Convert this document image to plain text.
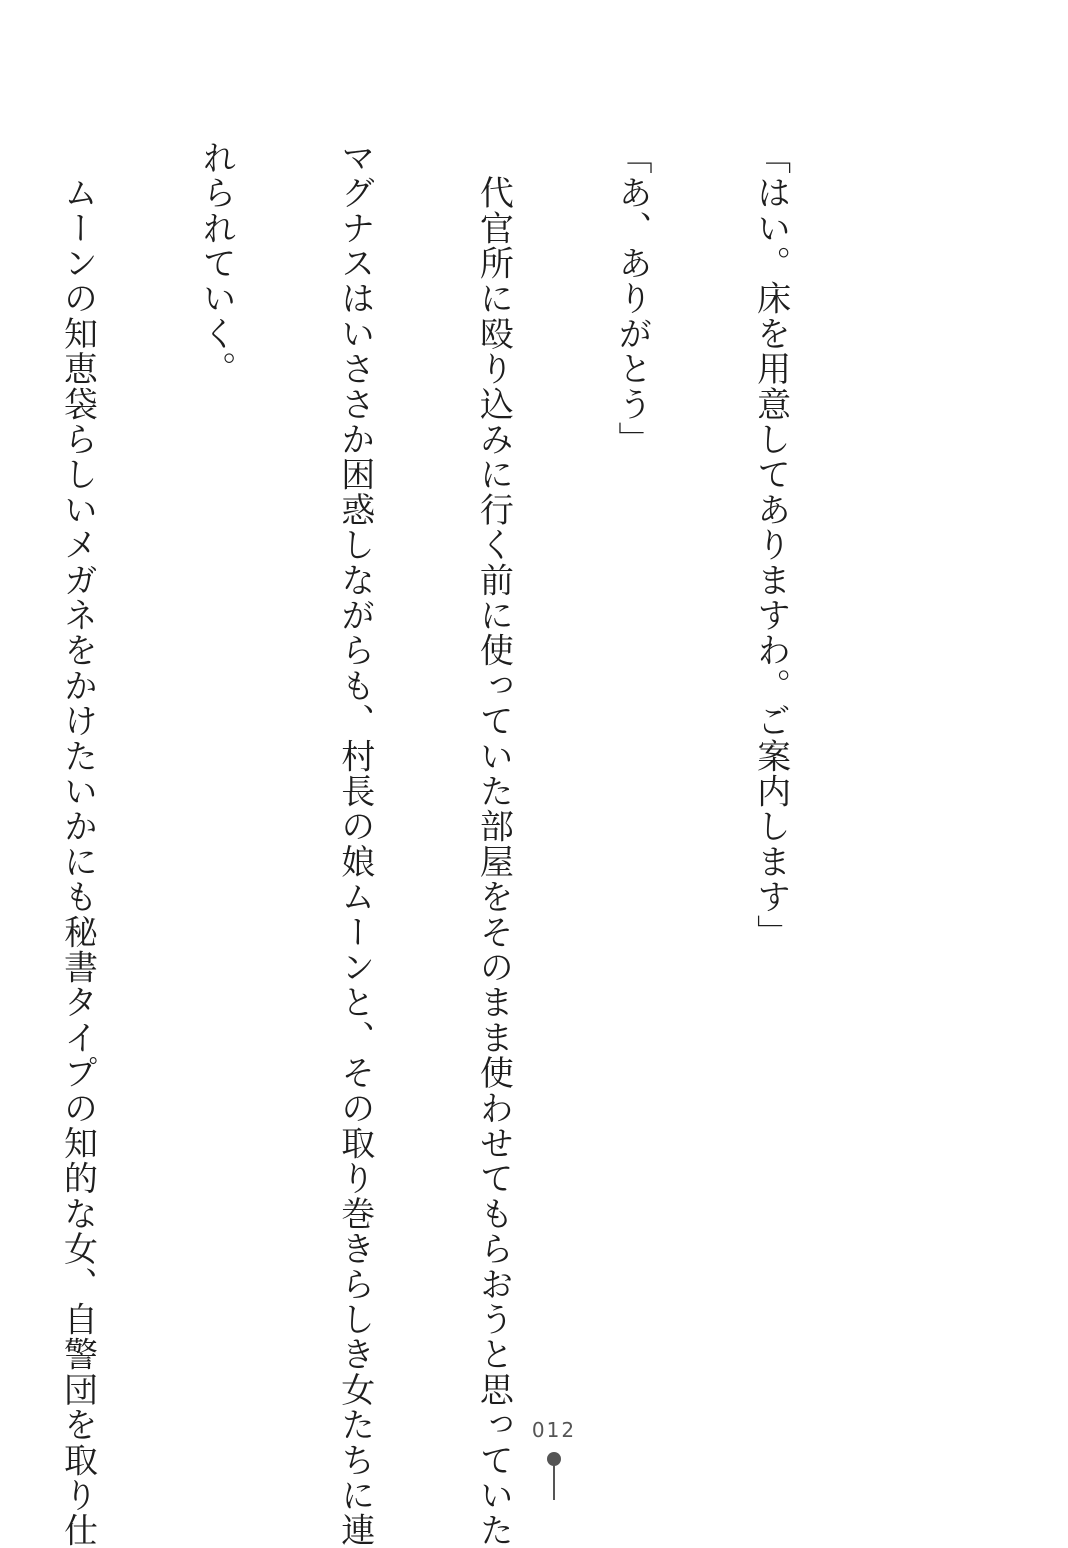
「はい。床を用意してありますわ。ご案内します」

「あ、ありがとう」

　代官所に殴り込みに行く前に使っていた部屋をそのまま使わせてもらおうと思っていた

マグナスはいささか困惑しながらも、村長の娘ムーンと、その取り巻きらしき女たちに連

れられていく。

　ムーンの知恵袋らしいメガネをかけたいかにも秘書タイプの知的な女、自警団を取り仕

	012
